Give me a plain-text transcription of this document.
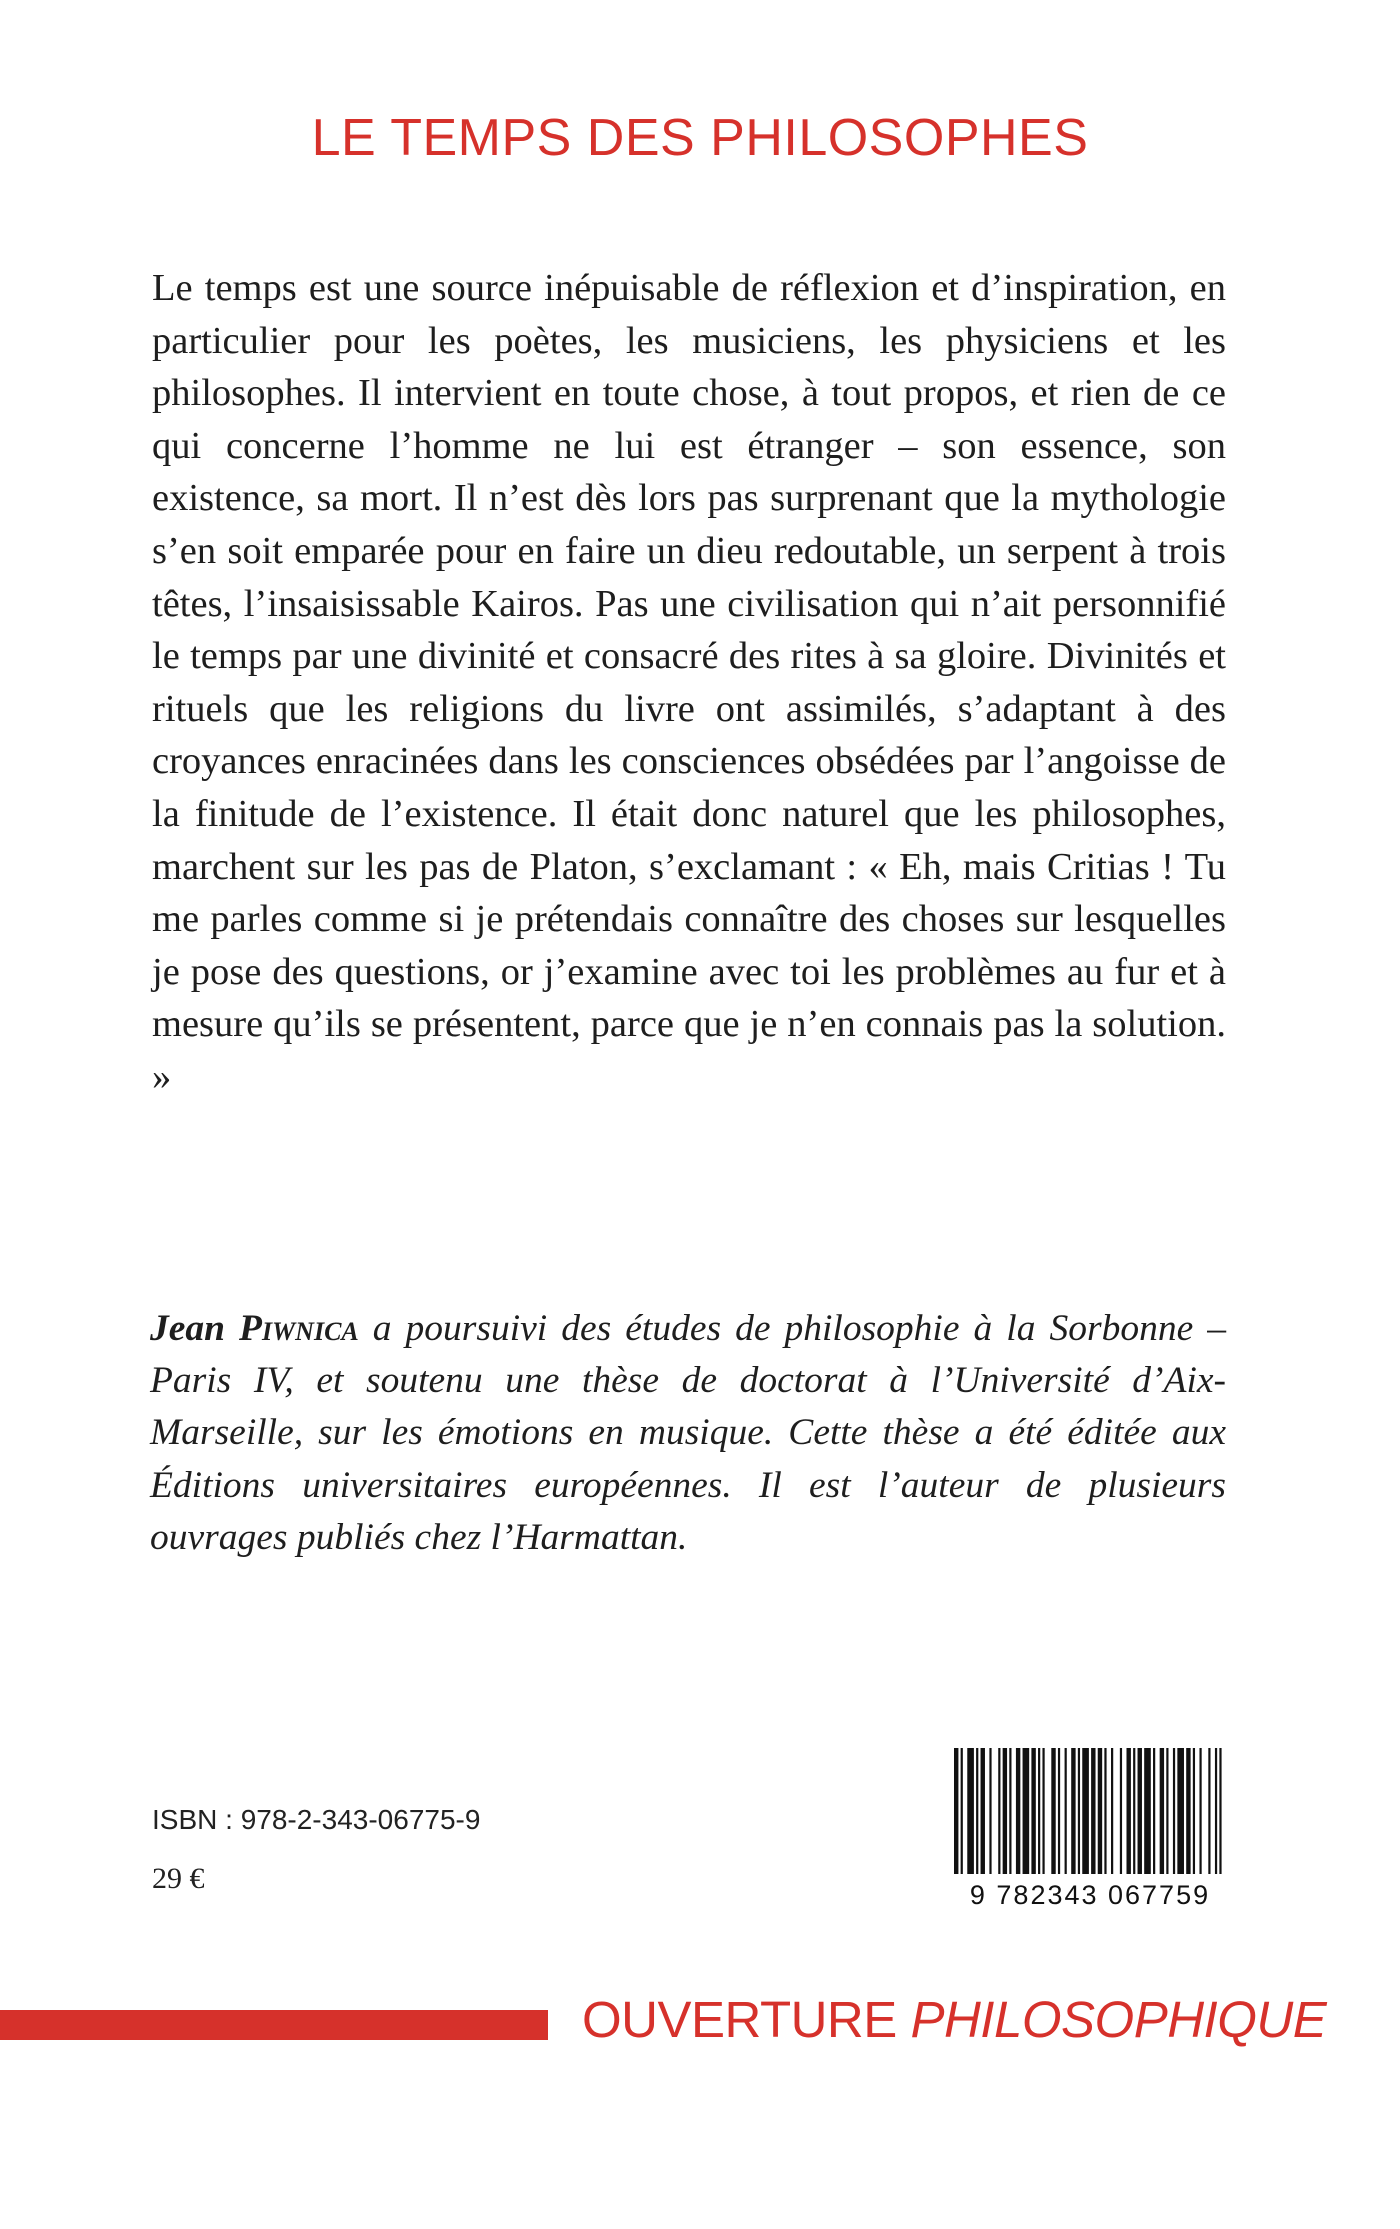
LE TEMPS DES PHILOSOPHES

Le temps est une source inépuisable de réflexion et d’inspiration, en particulier pour les poètes, les musiciens, les physiciens et les philosophes. Il intervient en toute chose, à tout propos, et rien de ce qui concerne l’homme ne lui est étranger – son essence, son existence, sa mort. Il n’est dès lors pas surprenant que la mythologie s’en soit emparée pour en faire un dieu redoutable, un serpent à trois têtes, l’insaisissable Kairos. Pas une civilisation qui n’ait personnifié le temps par une divinité et consacré des rites à sa gloire. Divinités et rituels que les religions du livre ont assimilés, s’adaptant à des croyances enracinées dans les consciences obsédées par l’angoisse de la finitude de l’existence. Il était donc naturel que les philosophes, marchent sur les pas de Platon, s’exclamant : « Eh, mais Critias ! Tu me parles comme si je prétendais connaître des choses sur lesquelles je pose des questions, or j’examine avec toi les problèmes au fur et à mesure qu’ils se présentent, parce que je n’en connais pas la solution. »

Jean Piwnica a poursuivi des études de philosophie à la Sorbonne – Paris IV, et soutenu une thèse de doctorat à l’Université d’Aix-Marseille, sur les émotions en musique. Cette thèse a été éditée aux Éditions universitaires européennes. Il est l’auteur de plusieurs ouvrages publiés chez l’Harmattan.

ISBN : 978-2-343-06775-9
29 €	9 782343 067759
OUVERTURE PHILOSOPHIQUE
